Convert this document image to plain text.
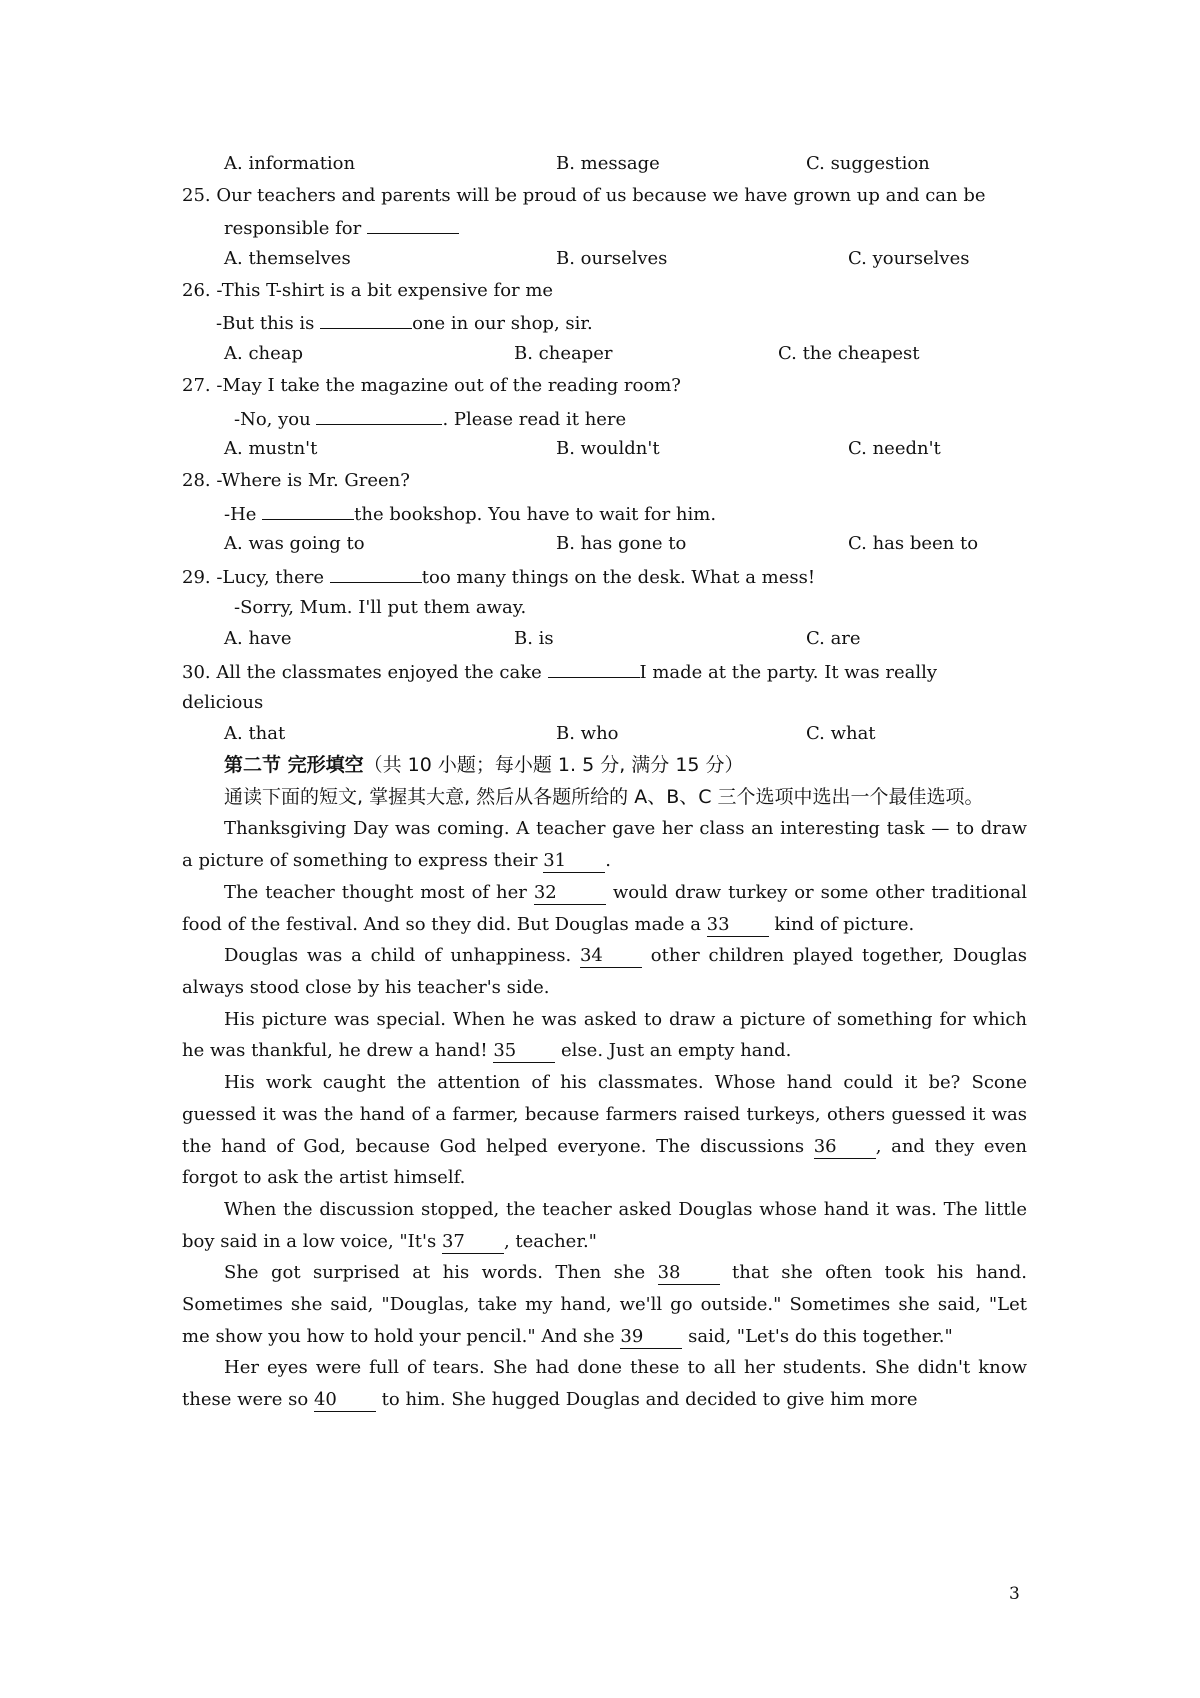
A. information	B. message	C. suggestion
25. Our teachers and parents will be proud of us because we have grown up and can be
responsible for
A. themselves	B. ourselves	C. yourselves
26. -This T-shirt is a bit expensive for me
-But this is	one in our shop, sir.
A. cheap	B. cheaper	C. the cheapest
27. -May I take the magazine out of the reading room?
-No, you	. Please read it here
A. mustn't	B. wouldn't	C. needn't
28. -Where is Mr. Green?
-He	the bookshop. You have to wait for him.
A. was going to	B. has gone to	C. has been to
29. -Lucy, there	too many things on the desk. What a mess!
-Sorry, Mum. I'll put them away.
A. have	B. is	C. are
30. All the classmates enjoyed the cake	I made at the party. It was really
delicious
A. that	B. who	C. what
第二节 完形填空（共 10 小题；每小题 1. 5 分, 满分 15 分）
通读下面的短文, 掌握其大意, 然后从各题所给的 A、B、C 三个选项中选出一个最佳选项。
Thanksgiving Day was coming. A teacher gave her class an interesting task — to draw a picture of something to express their 31 .
The teacher thought most of her 32	would draw turkey or some other traditional food of the festival. And so they did. But Douglas made a 33 kind of picture.
Douglas was a child of unhappiness. 34 other children played together, Douglas always stood close by his teacher's side.
His picture was special. When he was asked to draw a picture of something for which he was thankful, he drew a hand! 35 else. Just an empty hand.
His work caught the attention of his classmates. Whose hand could it be? Scone guessed it was the hand of a farmer, because farmers raised turkeys, others guessed it was the hand of God, because God helped everyone. The discussions 36 , and they even forgot to ask the artist himself.
When the discussion stopped, the teacher asked Douglas whose hand it was. The little boy said in a low voice, "It's 37 , teacher."
She got surprised at his words. Then she 38 that she often took his hand. Sometimes she said, "Douglas, take my hand, we'll go outside." Sometimes she said, "Let me show you how to hold your pencil." And she 39 said, "Let's do this together."
Her eyes were full of tears. She had done these to all her students. She didn't know these were so 40 to him. She hugged Douglas and decided to give him more
3
